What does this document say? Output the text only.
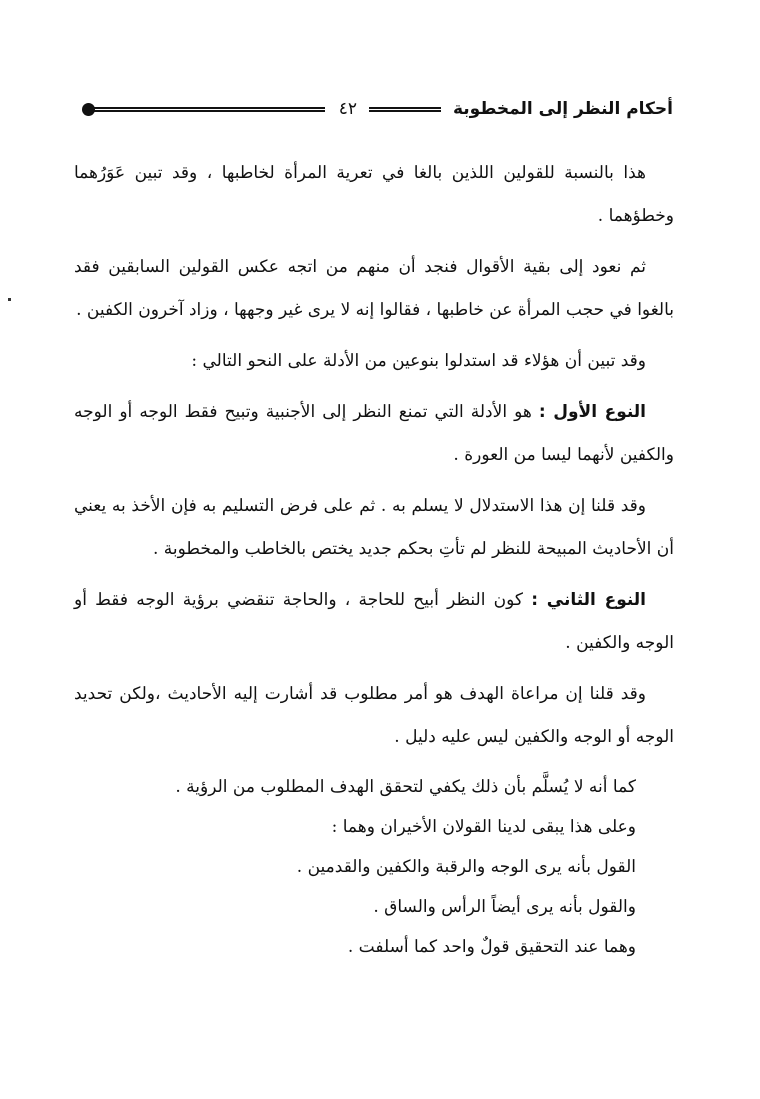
أحكام النظر إلى المخطوبة
٤٢

هذا بالنسبة للقولين اللذين بالغا في تعرية المرأة لخاطبها ، وقد تبين عَوَرُهما وخطؤهما .

ثم نعود إلى بقية الأقوال فنجد أن منهم من اتجه عكس القولين السابقين فقد بالغوا في حجب المرأة عن خاطبها ، فقالوا إنه لا يرى غير وجهها ، وزاد آخرون الكفين .

وقد تبين أن هؤلاء قد استدلوا بنوعين من الأدلة على النحو التالي :

النوع الأول : هو الأدلة التي تمنع النظر إلى الأجنبية وتبيح فقط الوجه أو الوجه والكفين لأنهما ليسا من العورة .

وقد قلنا إن هذا الاستدلال لا يسلم به . ثم على فرض التسليم به فإن الأخذ به يعني أن الأحاديث المبيحة للنظر لم تأتِ بحكم جديد يختص بالخاطب والمخطوبة .

النوع الثاني : كون النظر أبيح للحاجة ، والحاجة تنقضي برؤية الوجه فقط أو الوجه والكفين .

وقد قلنا إن مراعاة الهدف هو أمر مطلوب قد أشارت إليه الأحاديث ،ولكن تحديد الوجه أو الوجه والكفين ليس عليه دليل .

كما أنه لا يُسلَّم بأن ذلك يكفي لتحقق الهدف المطلوب من الرؤية .

وعلى هذا يبقى لدينا القولان الأخيران وهما :

القول بأنه يرى الوجه والرقبة والكفين والقدمين .

والقول بأنه يرى أيضاً الرأس والساق .

وهما عند التحقيق قولٌ واحد كما أسلفت .
